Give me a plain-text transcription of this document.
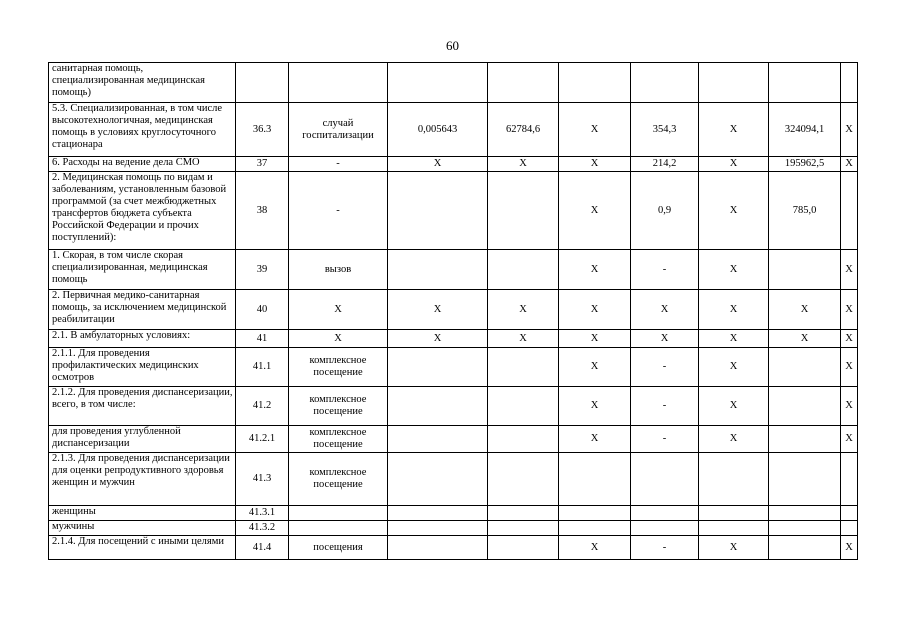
60
санитарная помощь, специализированная медицинская помощь)									
5.3. Специализированная, в том числе высокотехнологичная, медицинская помощь в условиях круглосуточного стационара	36.3	случай госпитализации	0,005643	62784,6	X	354,3	X	324094,1	X
6. Расходы на ведение дела СМО	37	-	X	X	X	214,2	X	195962,5	X
2. Медицинская помощь по видам и заболеваниям, установленным базовой программой (за счет межбюджетных трансфертов бюджета субъекта Российской Федерации и прочих поступлений):	38	-			X	0,9	X	785,0	
1. Скорая, в том числе скорая специализированная, медицинская помощь	39	вызов			X	-	X		X
2. Первичная медико-санитарная помощь, за исключением медицинской реабилитации	40	X	X	X	X	X	X	X	X
2.1. В амбулаторных условиях:	41	X	X	X	X	X	X	X	X
2.1.1. Для проведения профилактических медицинских осмотров	41.1	комплексное посещение			X	-	X		X
2.1.2. Для проведения диспансеризации, всего, в том числе:	41.2	комплексное посещение			X	-	X		X
для проведения углубленной диспансеризации	41.2.1	комплексное посещение			X	-	X		X
2.1.3. Для проведения диспансеризации для оценки репродуктивного здоровья женщин и мужчин	41.3	комплексное посещение							
женщины	41.3.1								
мужчины	41.3.2								
2.1.4. Для посещений с иными целями	41.4	посещения			X	-	X		X
